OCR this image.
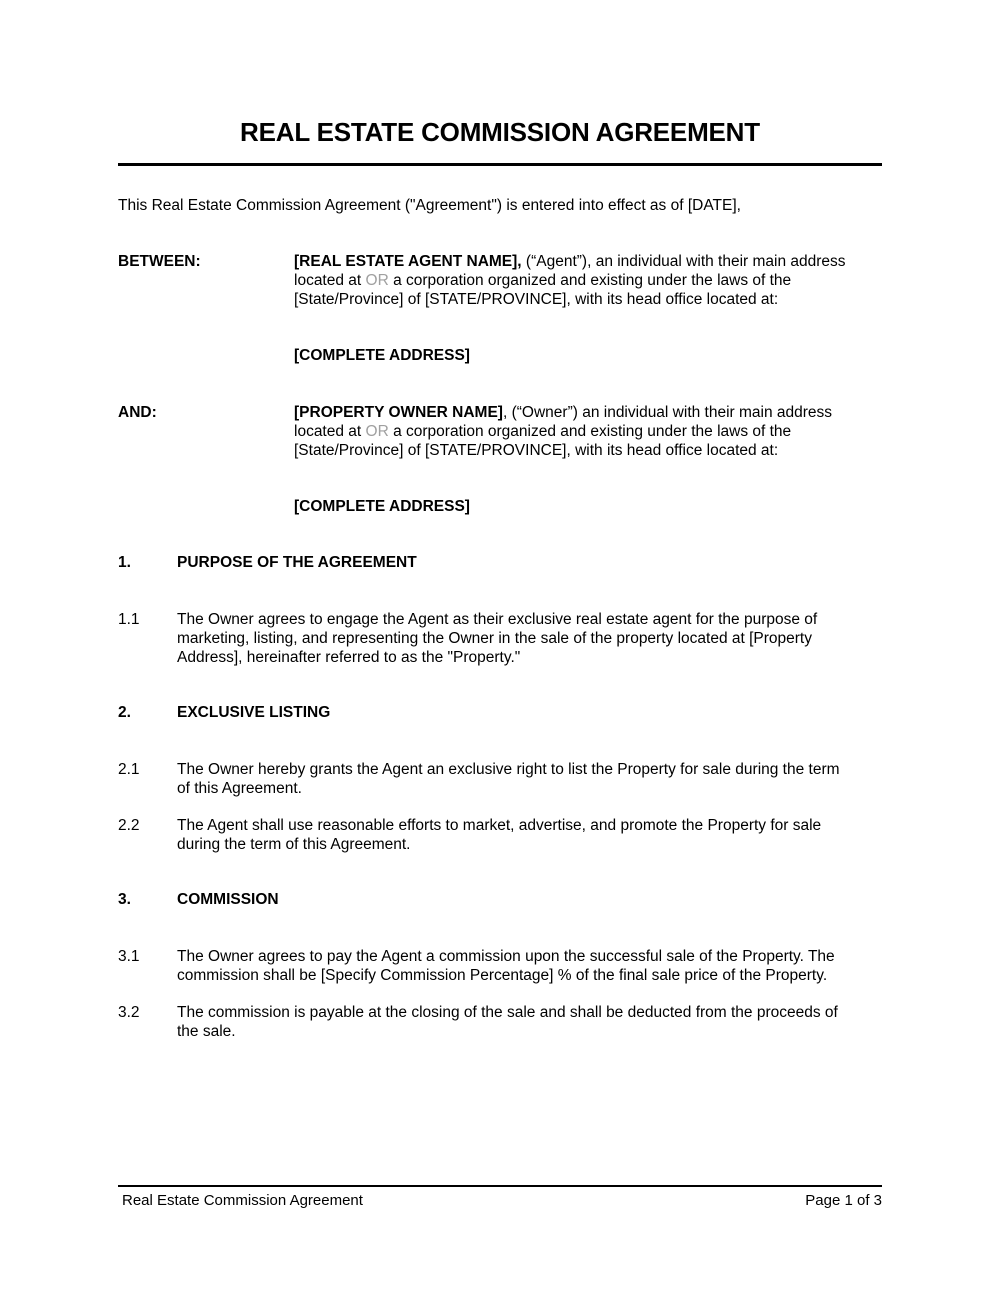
REAL ESTATE COMMISSION AGREEMENT
This Real Estate Commission Agreement ("Agreement") is entered into effect as of [DATE],
BETWEEN:	[REAL ESTATE AGENT NAME], (“Agent”), an individual with their main address
located at OR a corporation organized and existing under the laws of the
[State/Province] of [STATE/PROVINCE], with its head office located at:
[COMPLETE ADDRESS]
AND:	[PROPERTY OWNER NAME], (“Owner”) an individual with their main address
located at OR a corporation organized and existing under the laws of the
[State/Province] of [STATE/PROVINCE], with its head office located at:
[COMPLETE ADDRESS]
1.	PURPOSE OF THE AGREEMENT
1.1 The Owner agrees to engage the Agent as their exclusive real estate agent for the purpose of
marketing, listing, and representing the Owner in the sale of the property located at [Property
Address], hereinafter referred to as the "Property."
2.	EXCLUSIVE LISTING
2.1 The Owner hereby grants the Agent an exclusive right to list the Property for sale during the term
of this Agreement.
2.2 The Agent shall use reasonable efforts to market, advertise, and promote the Property for sale
during the term of this Agreement.
3.	COMMISSION
3.1 The Owner agrees to pay the Agent a commission upon the successful sale of the Property. The
commission shall be [Specify Commission Percentage] % of the final sale price of the Property.
3.2 The commission is payable at the closing of the sale and shall be deducted from the proceeds of
the sale.
Real Estate Commission Agreement	Page 1 of 3
